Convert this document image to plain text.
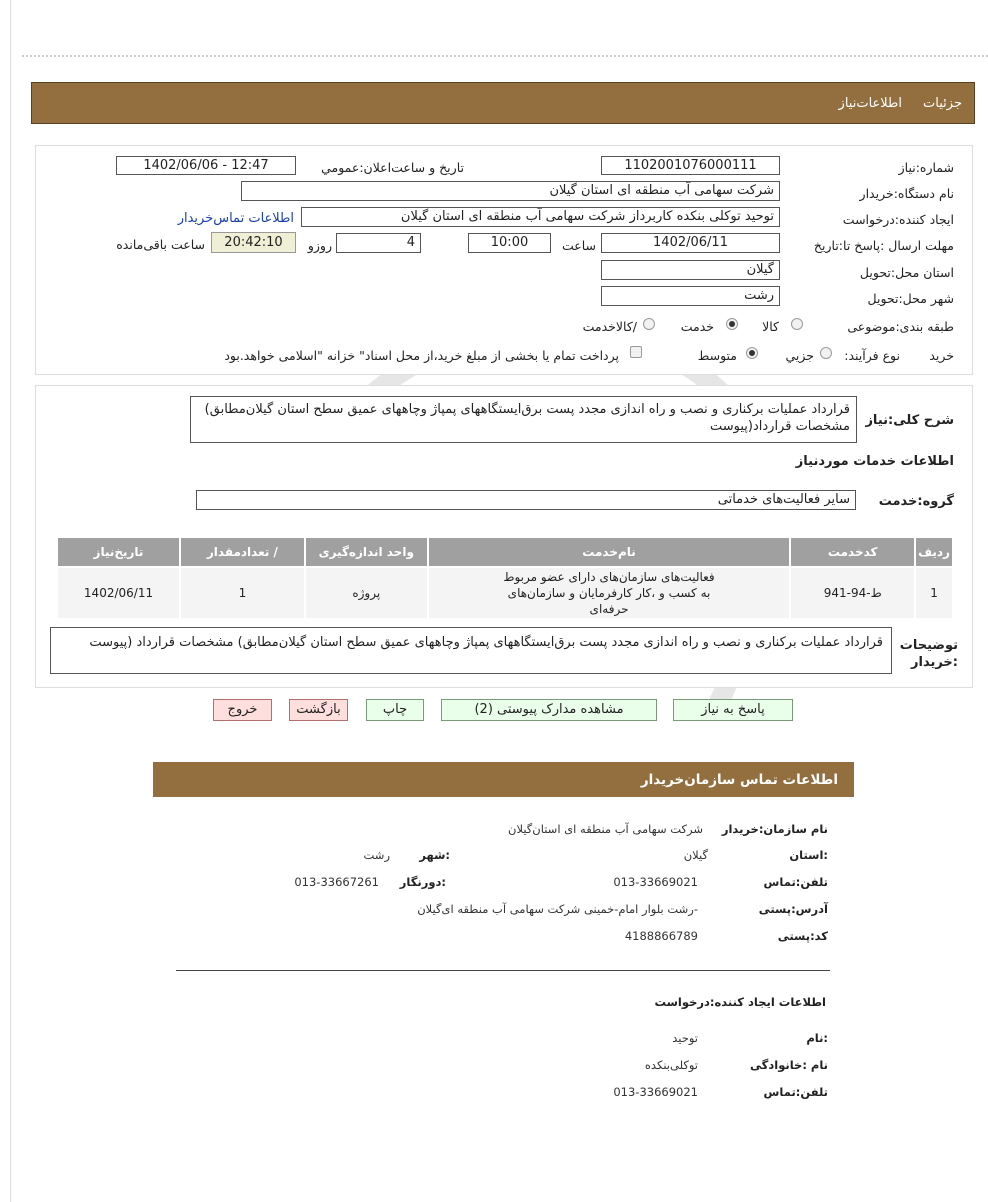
جزئیات
اطلاعات‌نیاز
شماره:نیاز
1102001076000111
تاریخ و ساعت‌اعلان:عمومي
1402/06/06 - 12:47
نام دستگاه:خریدار
شرکت سهامی آب منطقه ای استان گیلان
ایجاد کننده:درخواست
توحید توکلی بنکده کاربرداز شرکت سهامی آب منطقه ای استان گیلان
اطلاعات تماس‌خریدار
مهلت ارسال :پاسخ تا:تاریخ
1402/06/11
ساعت
10:00
4
روزو
20:42:10
ساعت باقی‌مانده
استان محل:تحویل
گیلان
شهر محل:تحویل
رشت
طبقه بندی:موضوعی
کالا
خدمت
/کالاخدمت
نوع فرآیند: خرید
جزیي
متوسط
پرداخت تمام یا بخشی از مبلغ خرید،از محل اسناد" خزانه "اسلامی خواهد.بود
شرح کلی:نیاز
قرارداد عملیات برکناری و نصب و راه اندازی مجدد پست برق‌ایستگاههای پمپاژ وچاههای عمیق سطح استان گیلان‌مطابق) مشخصات قرارداد(پیوست
اطلاعات خدمات موردنیاز
گروه:خدمت
سایر فعالیت‌های خدماتی
ردیف	کدخدمت	نام‌خدمت	واحد اندازه‌گیری	/ تعدادمقدار	تاریخ‌نیاز
1	ط-94-941	فعالیت‌های سازمان‌های دارای عضو مربوط به کسب و ،کار کارفرمایان و سازمان‌های حرفه‌ای	پروژه	1	1402/06/11
توضیحات :خریدار
قرارداد عملیات برکناری و نصب و راه اندازی مجدد پست برق‌ایستگاههای پمپاژ وچاههای عمیق سطح استان گیلان‌مطابق) مشخصات قرارداد (پیوست
پاسخ به نیاز
مشاهده مدارک پیوستی (2)
چاپ
بازگشت
خروج
اطلاعات تماس سازمان‌خریدار
نام سازمان:خریدار
شرکت سهامی آب منطقه ای استان‌گیلان
:استان
گیلان
:شهر
رشت
تلفن:تماس
013-33669021
:دورنگار
013-33667261
آدرس:پستی
-رشت بلوار امام-خمینی شرکت سهامی آب منطقه ای‌گیلان
کد:پستی
4188866789
اطلاعات ایجاد کننده:درخواست
:نام
توحید
نام :خانوادگی
توکلی‌بنکده
تلفن:تماس
013-33669021
